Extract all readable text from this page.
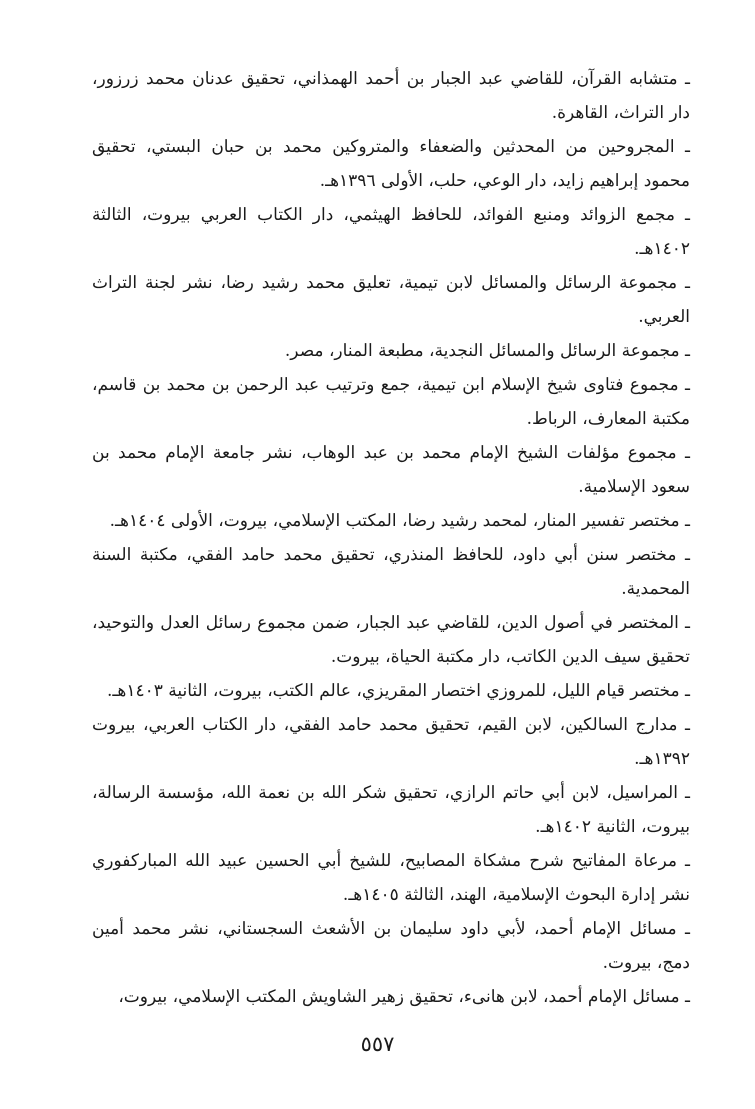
ـ متشابه القرآن، للقاضي عبد الجبار بن أحمد الهمذاني، تحقيق عدنان محمد زرزور، دار التراث، القاهرة.

ـ المجروحين من المحدثين والضعفاء والمتروكين محمد بن حبان البستي، تحقيق محمود إبراهيم زايد، دار الوعي، حلب، الأولى ١٣٩٦هـ.

ـ مجمع الزوائد ومنبع الفوائد، للحافظ الهيثمي، دار الكتاب العربي بيروت، الثالثة ١٤٠٢هـ.

ـ مجموعة الرسائل والمسائل لابن تيمية، تعليق محمد رشيد رضا، نشر لجنة التراث العربي.

ـ مجموعة الرسائل والمسائل النجدية، مطبعة المنار، مصر.

ـ مجموع فتاوى شيخ الإسلام ابن تيمية، جمع وترتيب عبد الرحمن بن محمد بن قاسم، مكتبة المعارف، الرباط.

ـ مجموع مؤلفات الشيخ الإمام محمد بن عبد الوهاب، نشر جامعة الإمام محمد بن سعود الإسلامية.

ـ مختصر تفسير المنار، لمحمد رشيد رضا، المكتب الإسلامي، بيروت، الأولى ١٤٠٤هـ.

ـ مختصر سنن أبي داود، للحافظ المنذري، تحقيق محمد حامد الفقي، مكتبة السنة المحمدية.

ـ المختصر في أصول الدين، للقاضي عبد الجبار، ضمن مجموع رسائل العدل والتوحيد، تحقيق سيف الدين الكاتب، دار مكتبة الحياة، بيروت.

ـ مختصر قيام الليل، للمروزي اختصار المقريزي، عالم الكتب، بيروت، الثانية ١٤٠٣هـ.

ـ مدارج السالكين، لابن القيم، تحقيق محمد حامد الفقي، دار الكتاب العربي، بيروت ١٣٩٢هـ.

ـ المراسيل، لابن أبي حاتم الرازي، تحقيق شكر الله بن نعمة الله، مؤسسة الرسالة، بيروت، الثانية ١٤٠٢هـ.

ـ مرعاة المفاتيح شرح مشكاة المصابيح، للشيخ أبي الحسين عبيد الله المباركفوري نشر إدارة البحوث الإسلامية، الهند، الثالثة ١٤٠٥هـ.

ـ مسائل الإمام أحمد، لأبي داود سليمان بن الأشعث السجستاني، نشر محمد أمين دمج، بيروت.

ـ مسائل الإمام أحمد، لابن هانىء، تحقيق زهير الشاويش المكتب الإسلامي، بيروت،

٥٥٧
